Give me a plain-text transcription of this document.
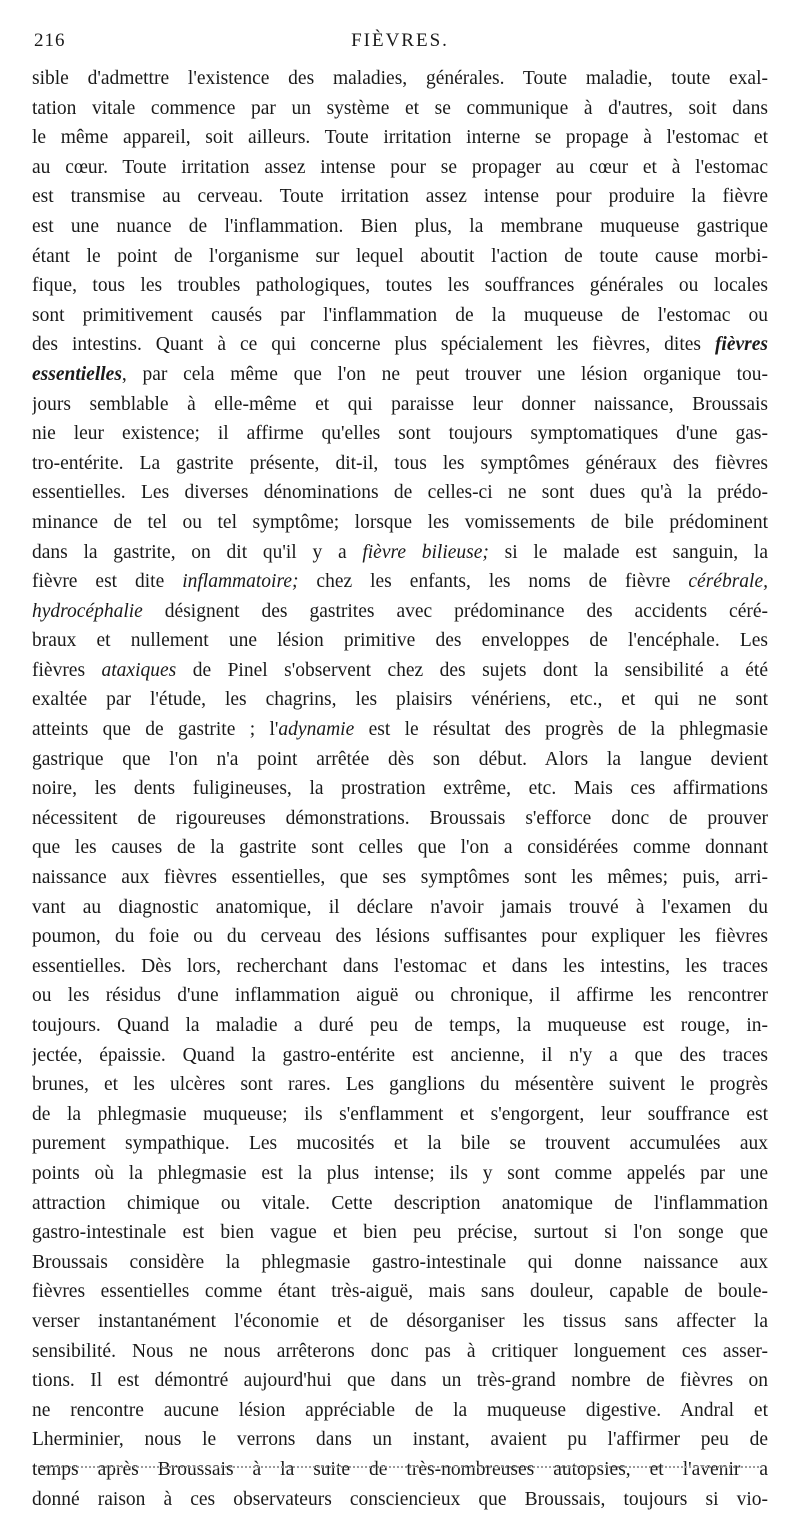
216	FIÈVRES.
sible d'admettre l'existence des maladies, générales. Toute maladie, toute exal-
tation vitale commence par un système et se communique à d'autres, soit dans
le même appareil, soit ailleurs. Toute irritation interne se propage à l'estomac et
au cœur. Toute irritation assez intense pour se propager au cœur et à l'estomac
est transmise au cerveau. Toute irritation assez intense pour produire la fièvre
est une nuance de l'inflammation. Bien plus, la membrane muqueuse gastrique
étant le point de l'organisme sur lequel aboutit l'action de toute cause morbi-
fique, tous les troubles pathologiques, toutes les souffrances générales ou locales
sont primitivement causés par l'inflammation de la muqueuse de l'estomac ou
des intestins. Quant à ce qui concerne plus spécialement les fièvres, dites fièvres
essentielles, par cela même que l'on ne peut trouver une lésion organique tou-
jours semblable à elle-même et qui paraisse leur donner naissance, Broussais
nie leur existence; il affirme qu'elles sont toujours symptomatiques d'une gas-
tro-entérite. La gastrite présente, dit-il, tous les symptômes généraux des fièvres
essentielles. Les diverses dénominations de celles-ci ne sont dues qu'à la prédo-
minance de tel ou tel symptôme; lorsque les vomissements de bile prédominent
dans la gastrite, on dit qu'il y a fièvre bilieuse; si le malade est sanguin, la
fièvre est dite inflammatoire; chez les enfants, les noms de fièvre cérébrale,
hydrocéphalie désignent des gastrites avec prédominance des accidents céré-
braux et nullement une lésion primitive des enveloppes de l'encéphale. Les
fièvres ataxiques de Pinel s'observent chez des sujets dont la sensibilité a été
exaltée par l'étude, les chagrins, les plaisirs vénériens, etc., et qui ne sont
atteints que de gastrite ; l'adynamie est le résultat des progrès de la phlegmasie
gastrique que l'on n'a point arrêtée dès son début. Alors la langue devient
noire, les dents fuligineuses, la prostration extrême, etc. Mais ces affirmations
nécessitent de rigoureuses démonstrations. Broussais s'efforce donc de prouver
que les causes de la gastrite sont celles que l'on a considérées comme donnant
naissance aux fièvres essentielles, que ses symptômes sont les mêmes; puis, arri-
vant au diagnostic anatomique, il déclare n'avoir jamais trouvé à l'examen du
poumon, du foie ou du cerveau des lésions suffisantes pour expliquer les fièvres
essentielles. Dès lors, recherchant dans l'estomac et dans les intestins, les traces
ou les résidus d'une inflammation aiguë ou chronique, il affirme les rencontrer
toujours. Quand la maladie a duré peu de temps, la muqueuse est rouge, in-
jectée, épaissie. Quand la gastro-entérite est ancienne, il n'y a que des traces
brunes, et les ulcères sont rares. Les ganglions du mésentère suivent le progrès
de la phlegmasie muqueuse; ils s'enflamment et s'engorgent, leur souffrance est
purement sympathique. Les mucosités et la bile se trouvent accumulées aux
points où la phlegmasie est la plus intense; ils y sont comme appelés par une
attraction chimique ou vitale. Cette description anatomique de l'inflammation
gastro-intestinale est bien vague et bien peu précise, surtout si l'on songe que
Broussais considère la phlegmasie gastro-intestinale qui donne naissance aux
fièvres essentielles comme étant très-aiguë, mais sans douleur, capable de boule-
verser instantanément l'économie et de désorganiser les tissus sans affecter la
sensibilité. Nous ne nous arrêterons donc pas à critiquer longuement ces asser-
tions. Il est démontré aujourd'hui que dans un très-grand nombre de fièvres on
ne rencontre aucune lésion appréciable de la muqueuse digestive. Andral et
Lherminier, nous le verrons dans un instant, avaient pu l'affirmer peu de
temps après Broussais à la suite de très-nombreuses autopsies, et l'avenir a
donné raison à ces observateurs consciencieux que Broussais, toujours si vio-
